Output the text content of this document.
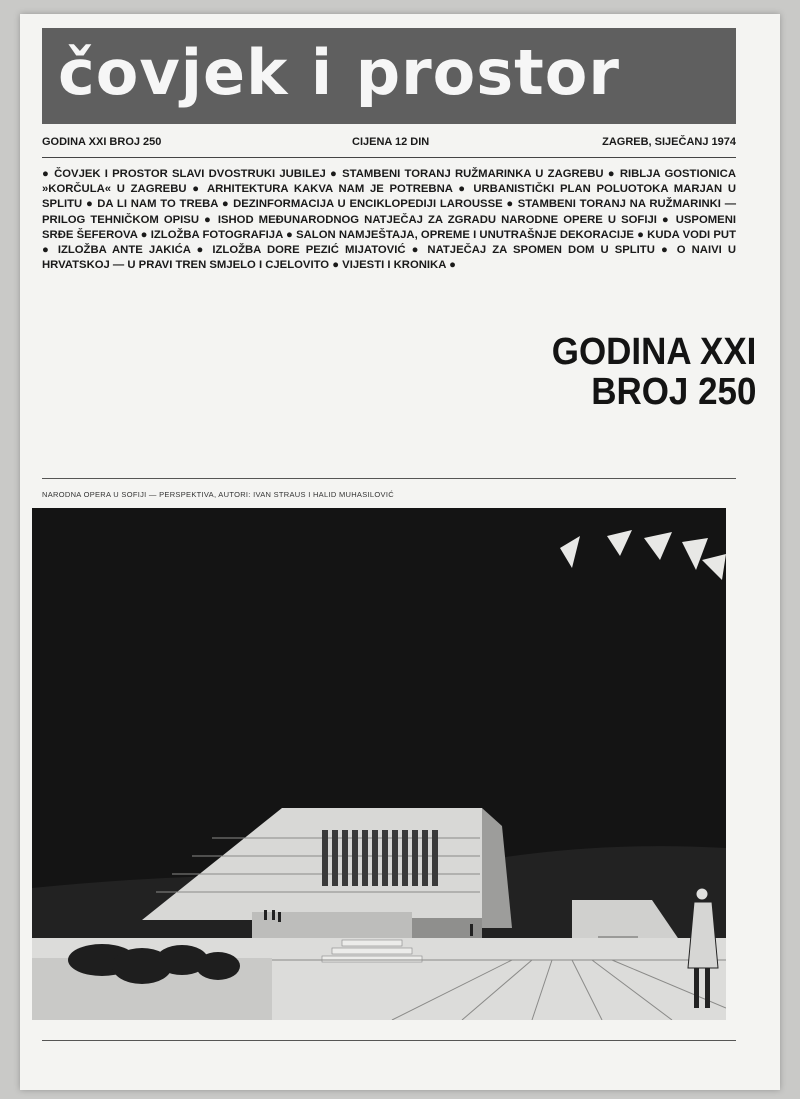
čovjek i prostor
GODINA XXI BROJ 250	CIJENA 12 DIN	ZAGREB, SIJEČANJ 1974
● ČOVJEK I PROSTOR SLAVI DVOSTRUKI JUBILEJ ● STAMBENI TORANJ RUŽMARINKA U ZAGREBU ● RIBLJA GOSTIONICA »KORČULA« U ZAGREBU ● ARHITEKTURA KAKVA NAM JE POTREBNA ● URBANISTIČKI PLAN POLUOTOKA MARJAN U SPLITU ● DA LI NAM TO TREBA ● DEZINFORMACIJA U ENCIKLOPEDIJI LAROUSSE ● STAMBENI TORANJ NA RUŽMARINKI — PRILOG TEHNIČKOM OPISU ● ISHOD MEĐUNARODNOG NATJEČAJ ZA ZGRADU NARODNE OPERE U SOFIJI ● USPOMENI SRĐE ŠEFEROVA ● IZLOŽBA FOTOGRAFIJA ● SALON NAMJEŠTAJA, OPREME I UNUTRAŠNJE DEKORACIJE ● KUDA VODI PUT ● IZLOŽBA ANTE JAKIĆA ● IZLOŽBA DORE PEZIĆ MIJATOVIĆ ● NATJEČAJ ZA SPOMEN DOM U SPLITU ● O NAIVI U HRVATSKOJ — U PRAVI TREN SMJELO I CJELOVITO ● VIJESTI I KRONIKA ●
GODINA XXI
BROJ 250
NARODNA OPERA U SOFIJI — PERSPEKTIVA, AUTORI: IVAN STRAUS I HALID MUHASILOVIĆ
